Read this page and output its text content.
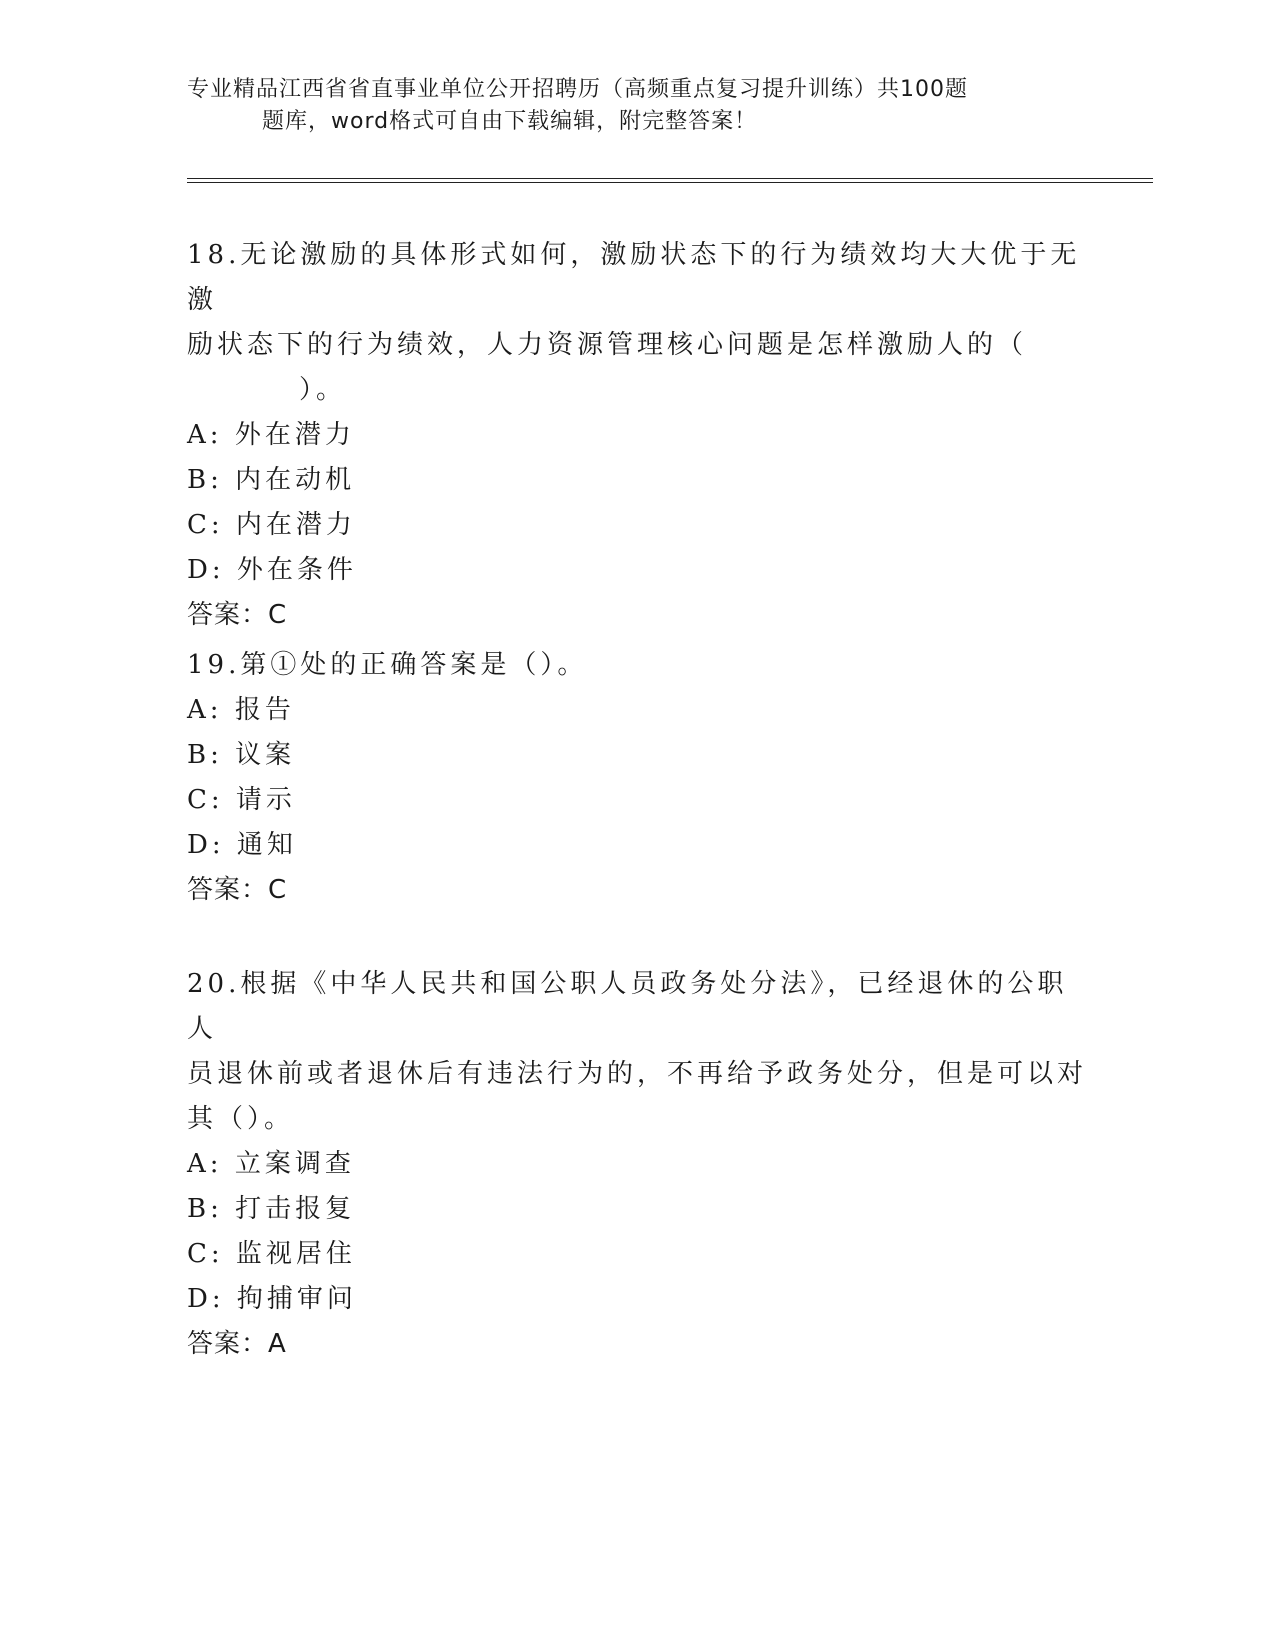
专业精品江西省省直事业单位公开招聘历（高频重点复习提升训练）共100题
题库，word格式可自由下载编辑，附完整答案！

18.无论激励的具体形式如何，激励状态下的行为绩效均大大优于无激
励状态下的行为绩效，人力资源管理核心问题是怎样激励人的（
）。

A: 外在潜力

B: 内在动机

C: 内在潜力

D: 外在条件

答案：C

19.第①处的正确答案是（）。

A: 报告

B: 议案

C: 请示

D: 通知

答案：C

20.根据《中华人民共和国公职人员政务处分法》，已经退休的公职人
员退休前或者退休后有违法行为的，不再给予政务处分，但是可以对
其（）。

A: 立案调查

B: 打击报复

C: 监视居住

D: 拘捕审问

答案：A
